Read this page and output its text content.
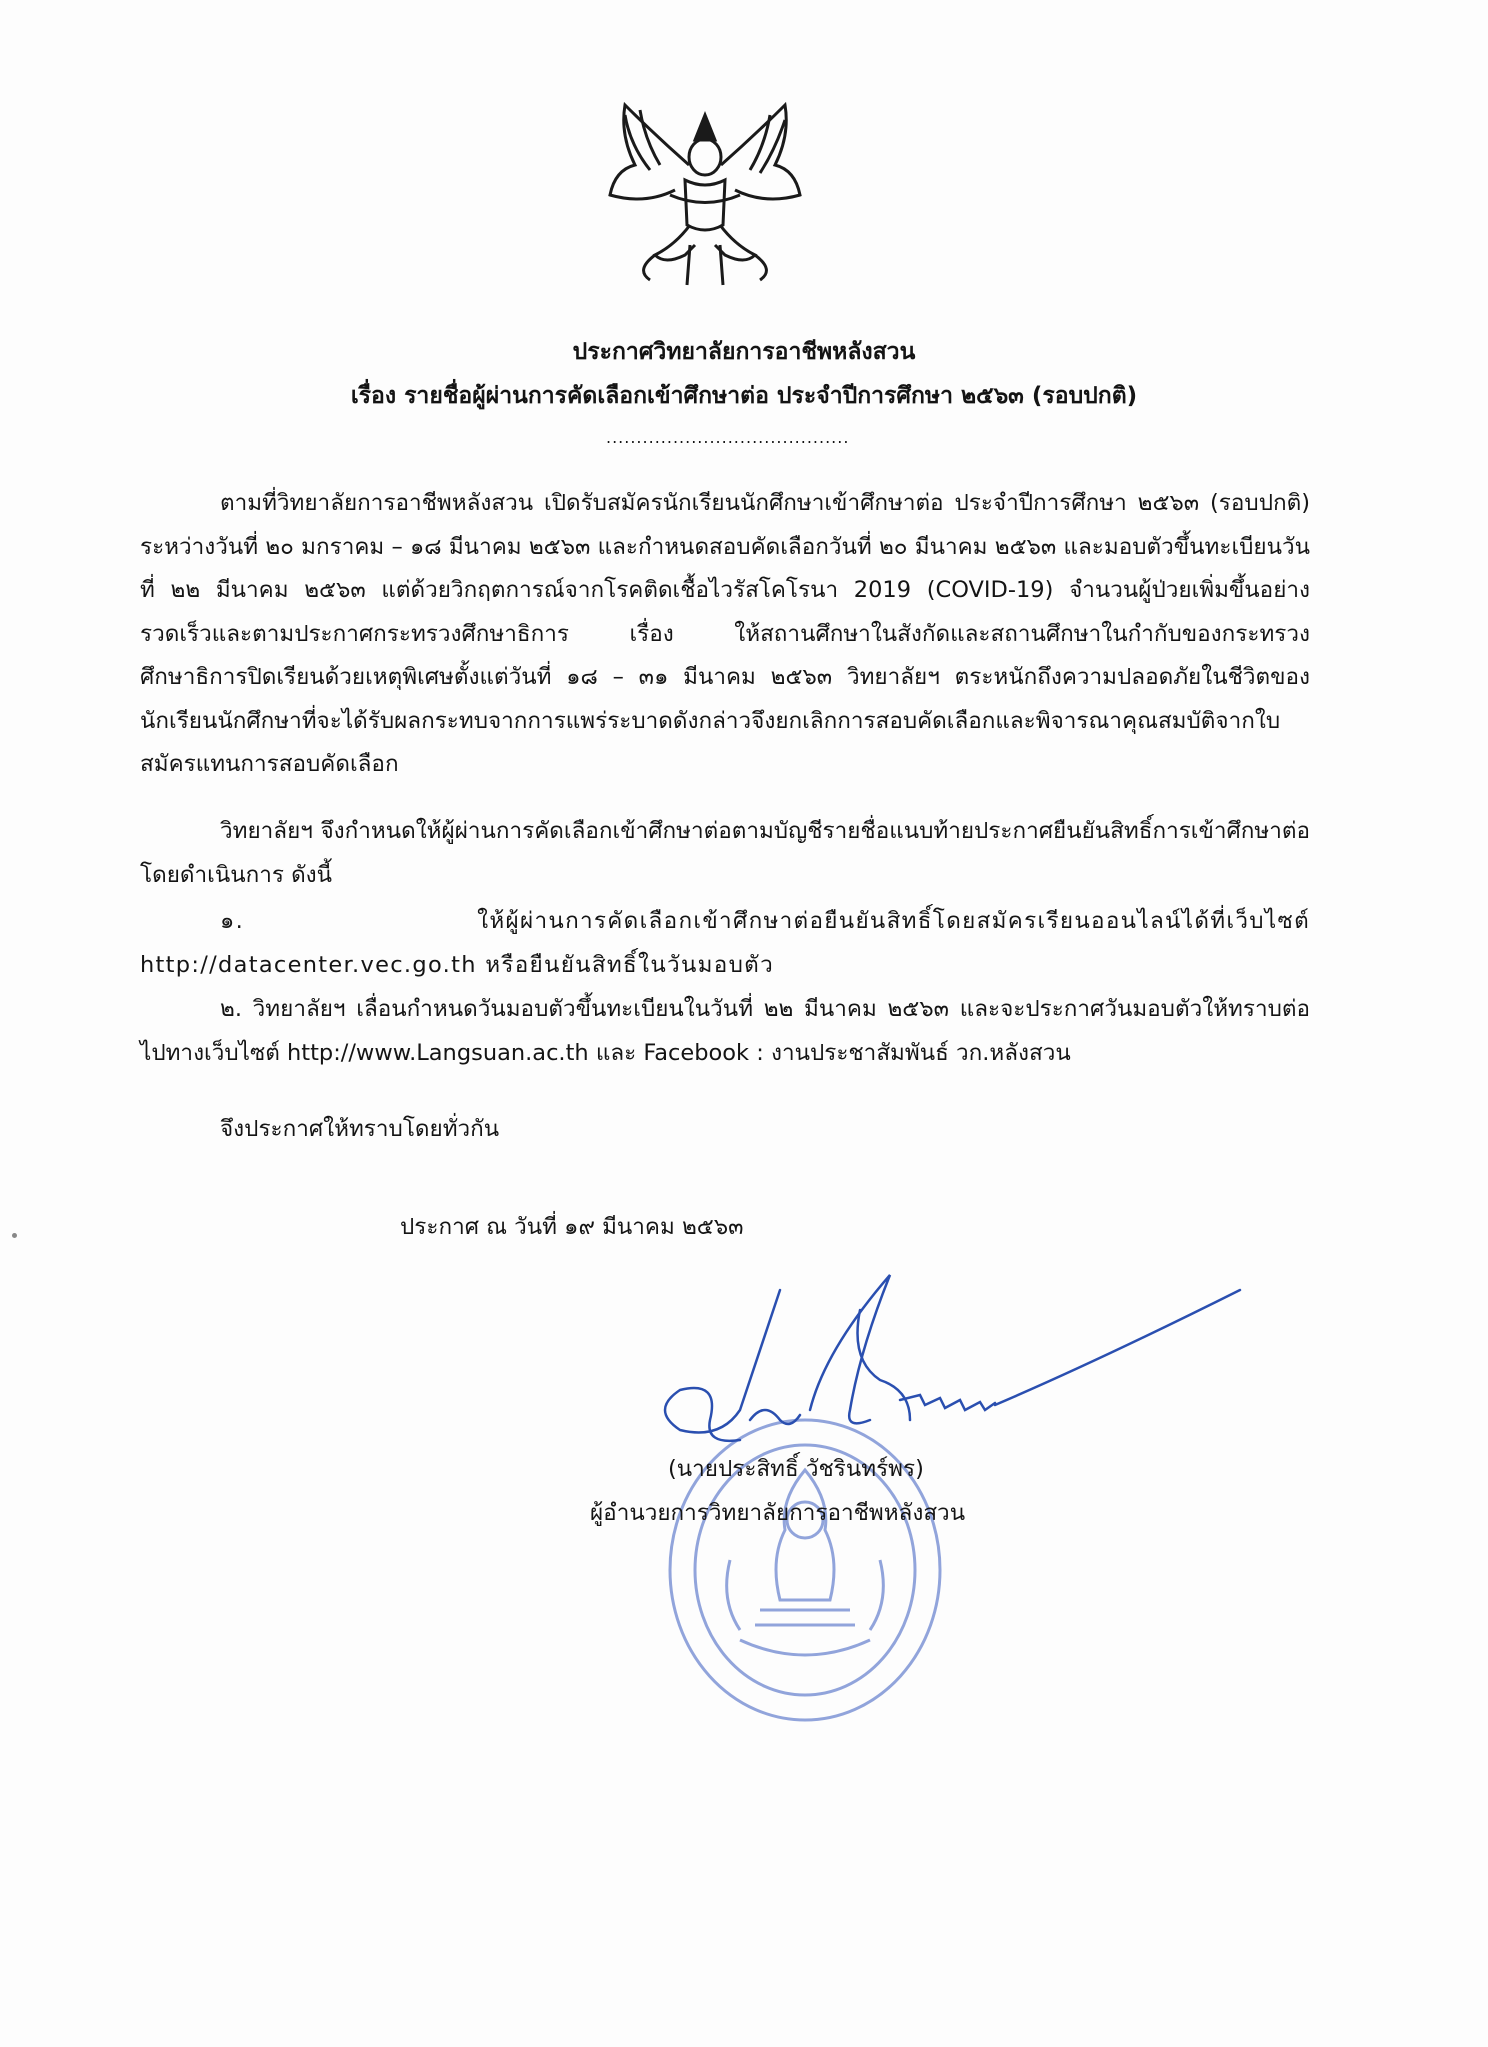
ประกาศวิทยาลัยการอาชีพหลังสวน
เรื่อง รายชื่อผู้ผ่านการคัดเลือกเข้าศึกษาต่อ ประจำปีการศึกษา ๒๕๖๓ (รอบปกติ)
........................................
ตามที่วิทยาลัยการอาชีพหลังสวน เปิดรับสมัครนักเรียนนักศึกษาเข้าศึกษาต่อ ประจำปีการศึกษา ๒๕๖๓ (รอบปกติ) ระหว่างวันที่ ๒๐ มกราคม – ๑๘ มีนาคม ๒๕๖๓ และกำหนดสอบคัดเลือกวันที่ ๒๐ มีนาคม ๒๕๖๓ และมอบตัวขึ้นทะเบียนวันที่ ๒๒ มีนาคม ๒๕๖๓ แต่ด้วยวิกฤตการณ์จากโรคติดเชื้อไวรัสโคโรนา 2019 (COVID-19) จำนวนผู้ป่วยเพิ่มขึ้นอย่างรวดเร็วและตามประกาศกระทรวงศึกษาธิการ เรื่อง ให้สถานศึกษาในสังกัดและสถานศึกษาในกำกับของกระทรวงศึกษาธิการปิดเรียนด้วยเหตุพิเศษตั้งแต่วันที่ ๑๘ – ๓๑ มีนาคม ๒๕๖๓ วิทยาลัยฯ ตระหนักถึงความปลอดภัยในชีวิตของนักเรียนนักศึกษาที่จะได้รับผลกระทบจากการแพร่ระบาดดังกล่าวจึงยกเลิกการสอบคัดเลือกและพิจารณาคุณสมบัติจากใบสมัครแทนการสอบคัดเลือก
วิทยาลัยฯ จึงกำหนดให้ผู้ผ่านการคัดเลือกเข้าศึกษาต่อตามบัญชีรายชื่อแนบท้ายประกาศยืนยันสิทธิ์การเข้าศึกษาต่อโดยดำเนินการ ดังนี้
๑. ให้ผู้ผ่านการคัดเลือกเข้าศึกษาต่อยืนยันสิทธิ์โดยสมัครเรียนออนไลน์ได้ที่เว็บไซต์ http://datacenter.vec.go.th หรือยืนยันสิทธิ์ในวันมอบตัว
๒. วิทยาลัยฯ เลื่อนกำหนดวันมอบตัวขึ้นทะเบียนในวันที่ ๒๒ มีนาคม ๒๕๖๓ และจะประกาศวันมอบตัวให้ทราบต่อไปทางเว็บไซต์ http://www.Langsuan.ac.th และ Facebook : งานประชาสัมพันธ์ วก.หลังสวน
จึงประกาศให้ทราบโดยทั่วกัน
ประกาศ ณ วันที่ ๑๙ มีนาคม ๒๕๖๓
(นายประสิทธิ์ วัชรินทร์พร)
ผู้อำนวยการวิทยาลัยการอาชีพหลังสวน
